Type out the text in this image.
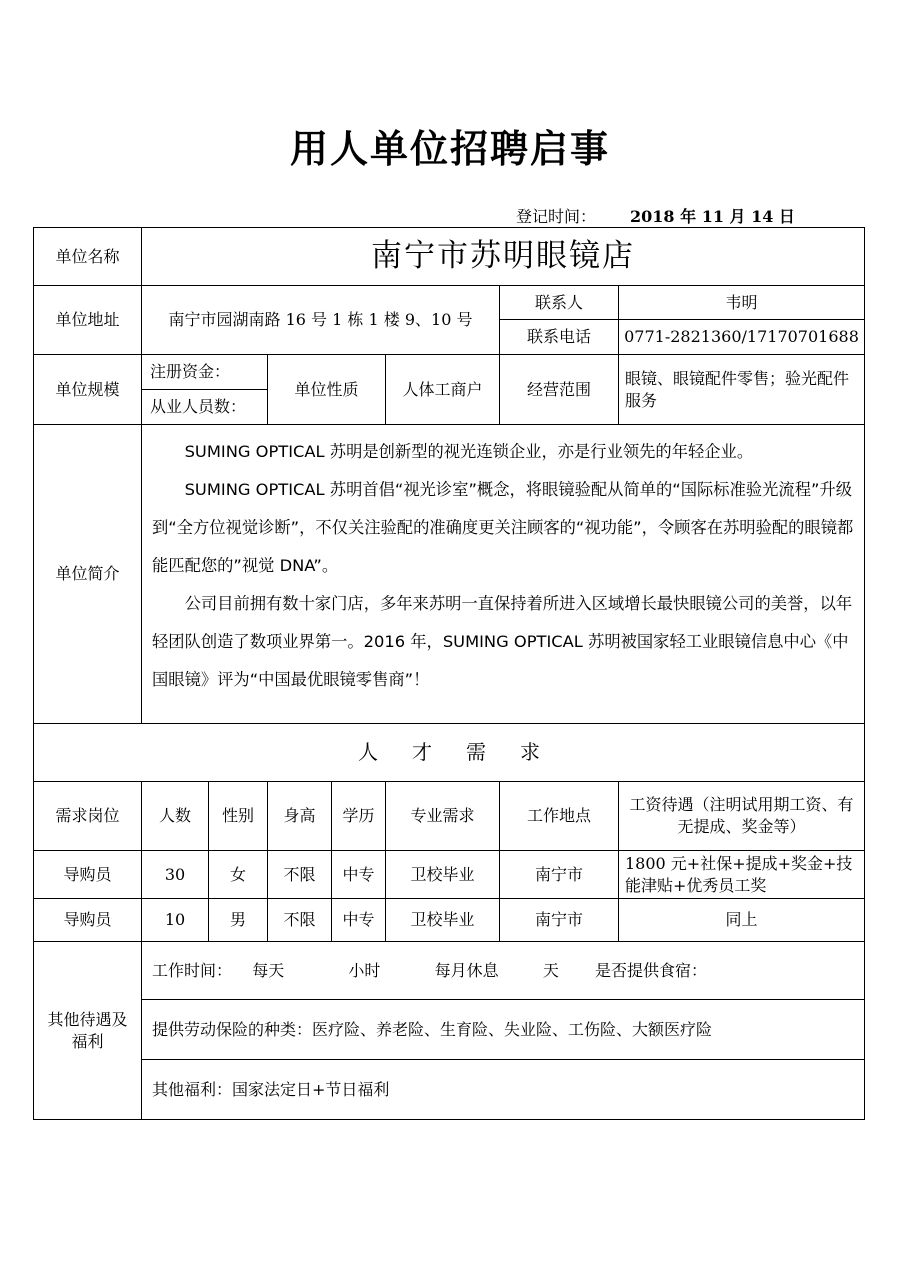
用人单位招聘启事
登记时间： 2018 年 11 月 14 日
单位名称	南宁市苏明眼镜店						
单位地址	南宁市园湖南路 16 号 1 栋 1 楼 9、10 号					联系人	韦明
						联系电话	0771-2821360/17170701688
单位规模	注册资金：		单位性质		人体工商户	经营范围	眼镜、眼镜配件零售；验光配件服务
	从业人员数：						
单位简介	SUMING OPTICAL 苏明是创新型的视光连锁企业，亦是行业领先的年轻企业。

SUMING OPTICAL 苏明首倡“视光诊室”概念，将眼镜验配从简单的“国际标准验光流程”升级到“全方位视觉诊断”，不仅关注验配的准确度更关注顾客的“视功能”，令顾客在苏明验配的眼镜都能匹配您的”视觉 DNA”。

公司目前拥有数十家门店，多年来苏明一直保持着所进入区域增长最快眼镜公司的美誉，以年轻团队创造了数项业界第一。2016 年，SUMING OPTICAL 苏明被国家轻工业眼镜信息中心《中国眼镜》评为“中国最优眼镜零售商”！						

人才需求							
需求岗位	人数	性别	身高	学历	专业需求	工作地点	工资待遇（注明试用期工资、有无提成、奖金等）
导购员	30	女	不限	中专	卫校毕业	南宁市	1800 元+社保+提成+奖金+技能津贴+优秀员工奖
导购员	10	男	不限	中专	卫校毕业	南宁市	同上
其他待遇及福利	工作时间： 每天 小时 每月休息 天 是否提供食宿：						
	提供劳动保险的种类：医疗险、养老险、生育险、失业险、工伤险、大额医疗险						
	其他福利：国家法定日+节日福利						
